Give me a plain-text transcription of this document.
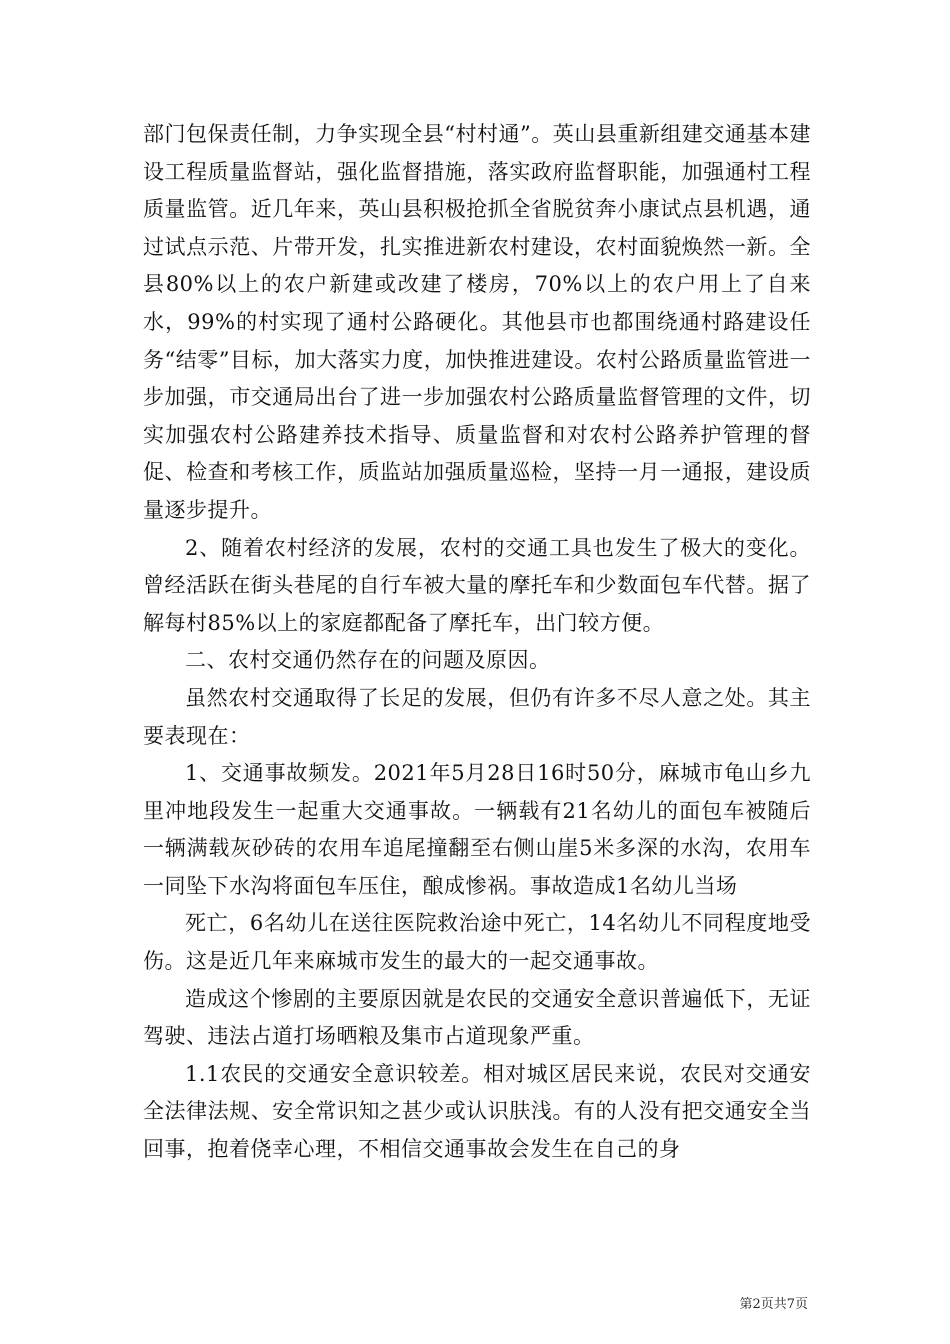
部门包保责任制，力争实现全县“村村通”。英山县重新组建交通基本建设工程质量监督站，强化监督措施，落实政府监督职能，加强通村工程质量监管。近几年来，英山县积极抢抓全省脱贫奔小康试点县机遇，通过试点示范、片带开发，扎实推进新农村建设，农村面貌焕然一新。全县80%以上的农户新建或改建了楼房，70%以上的农户用上了自来水，99%的村实现了通村公路硬化。其他县市也都围绕通村路建设任务“结零”目标，加大落实力度，加快推进建设。农村公路质量监管进一步加强，市交通局出台了进一步加强农村公路质量监督管理的文件，切实加强农村公路建养技术指导、质量监督和对农村公路养护管理的督促、检查和考核工作，质监站加强质量巡检，坚持一月一通报，建设质量逐步提升。

2、随着农村经济的发展，农村的交通工具也发生了极大的变化。曾经活跃在街头巷尾的自行车被大量的摩托车和少数面包车代替。据了解每村85%以上的家庭都配备了摩托车，出门较方便。

二、农村交通仍然存在的问题及原因。

虽然农村交通取得了长足的发展，但仍有许多不尽人意之处。其主要表现在：

1、交通事故频发。2021年5月28日16时50分，麻城市龟山乡九里冲地段发生一起重大交通事故。一辆载有21名幼儿的面包车被随后一辆满载灰砂砖的农用车追尾撞翻至右侧山崖5米多深的水沟，农用车一同坠下水沟将面包车压住，酿成惨祸。事故造成1名幼儿当场

死亡，6名幼儿在送往医院救治途中死亡，14名幼儿不同程度地受伤。这是近几年来麻城市发生的最大的一起交通事故。

造成这个惨剧的主要原因就是农民的交通安全意识普遍低下，无证驾驶、违法占道打场晒粮及集市占道现象严重。

1.1农民的交通安全意识较差。相对城区居民来说，农民对交通安全法律法规、安全常识知之甚少或认识肤浅。有的人没有把交通安全当回事，抱着侥幸心理，不相信交通事故会发生在自己的身

第2页共7页
